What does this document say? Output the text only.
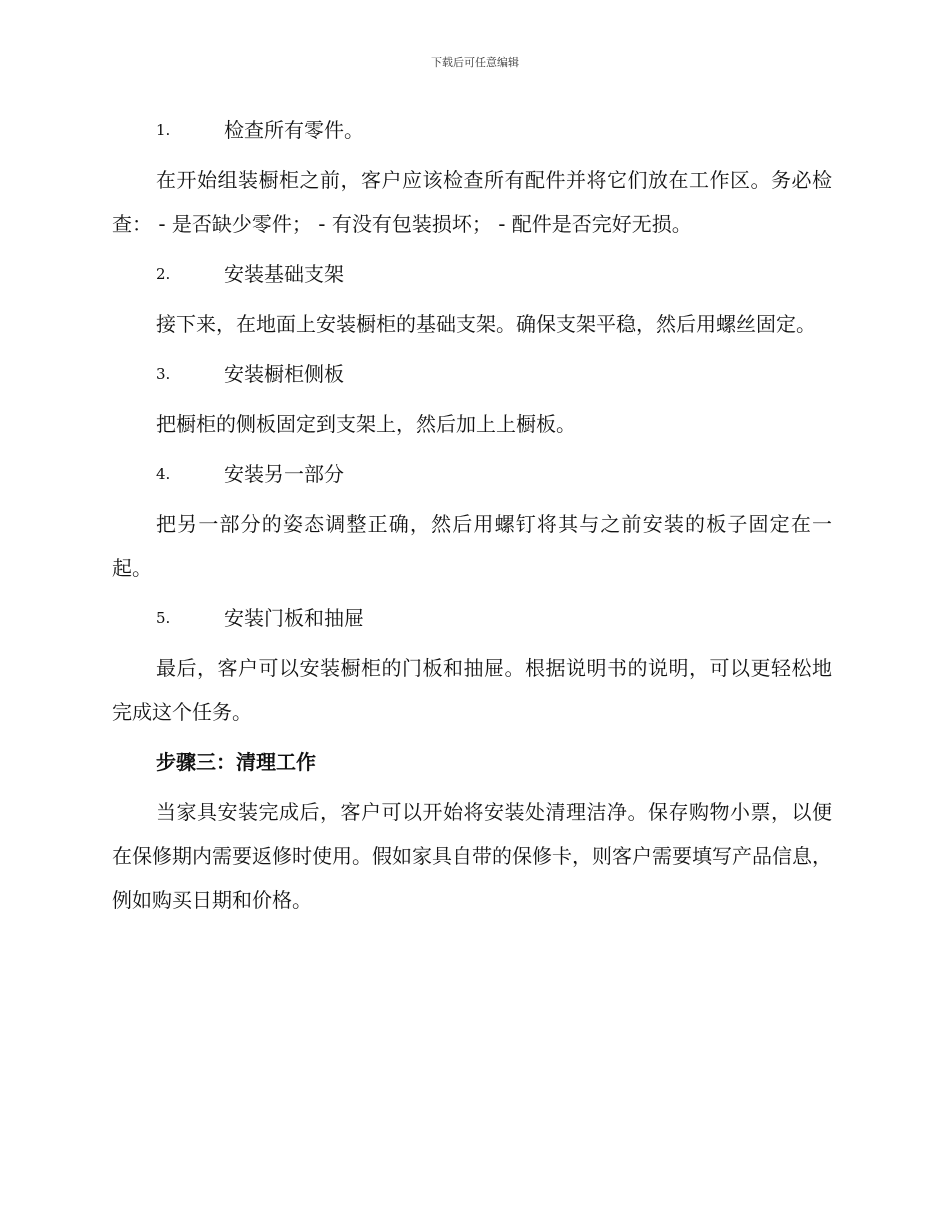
下载后可任意编辑
1.	检查所有零件。

在开始组装橱柜之前，客户应该检查所有配件并将它们放在工作区。务必检查： - 是否缺少零件； - 有没有包装损坏； - 配件是否完好无损。

2.	安装基础支架

接下来，在地面上安装橱柜的基础支架。确保支架平稳，然后用螺丝固定。

3.	安装橱柜侧板

把橱柜的侧板固定到支架上，然后加上上橱板。

4.	安装另一部分

把另一部分的姿态调整正确，然后用螺钉将其与之前安装的板子固定在一起。

5.	安装门板和抽屉

最后，客户可以安装橱柜的门板和抽屉。根据说明书的说明，可以更轻松地完成这个任务。

步骤三：清理工作

当家具安装完成后，客户可以开始将安装处清理洁净。保存购物小票，以便在保修期内需要返修时使用。假如家具自带的保修卡，则客户需要填写产品信息，例如购买日期和价格。
